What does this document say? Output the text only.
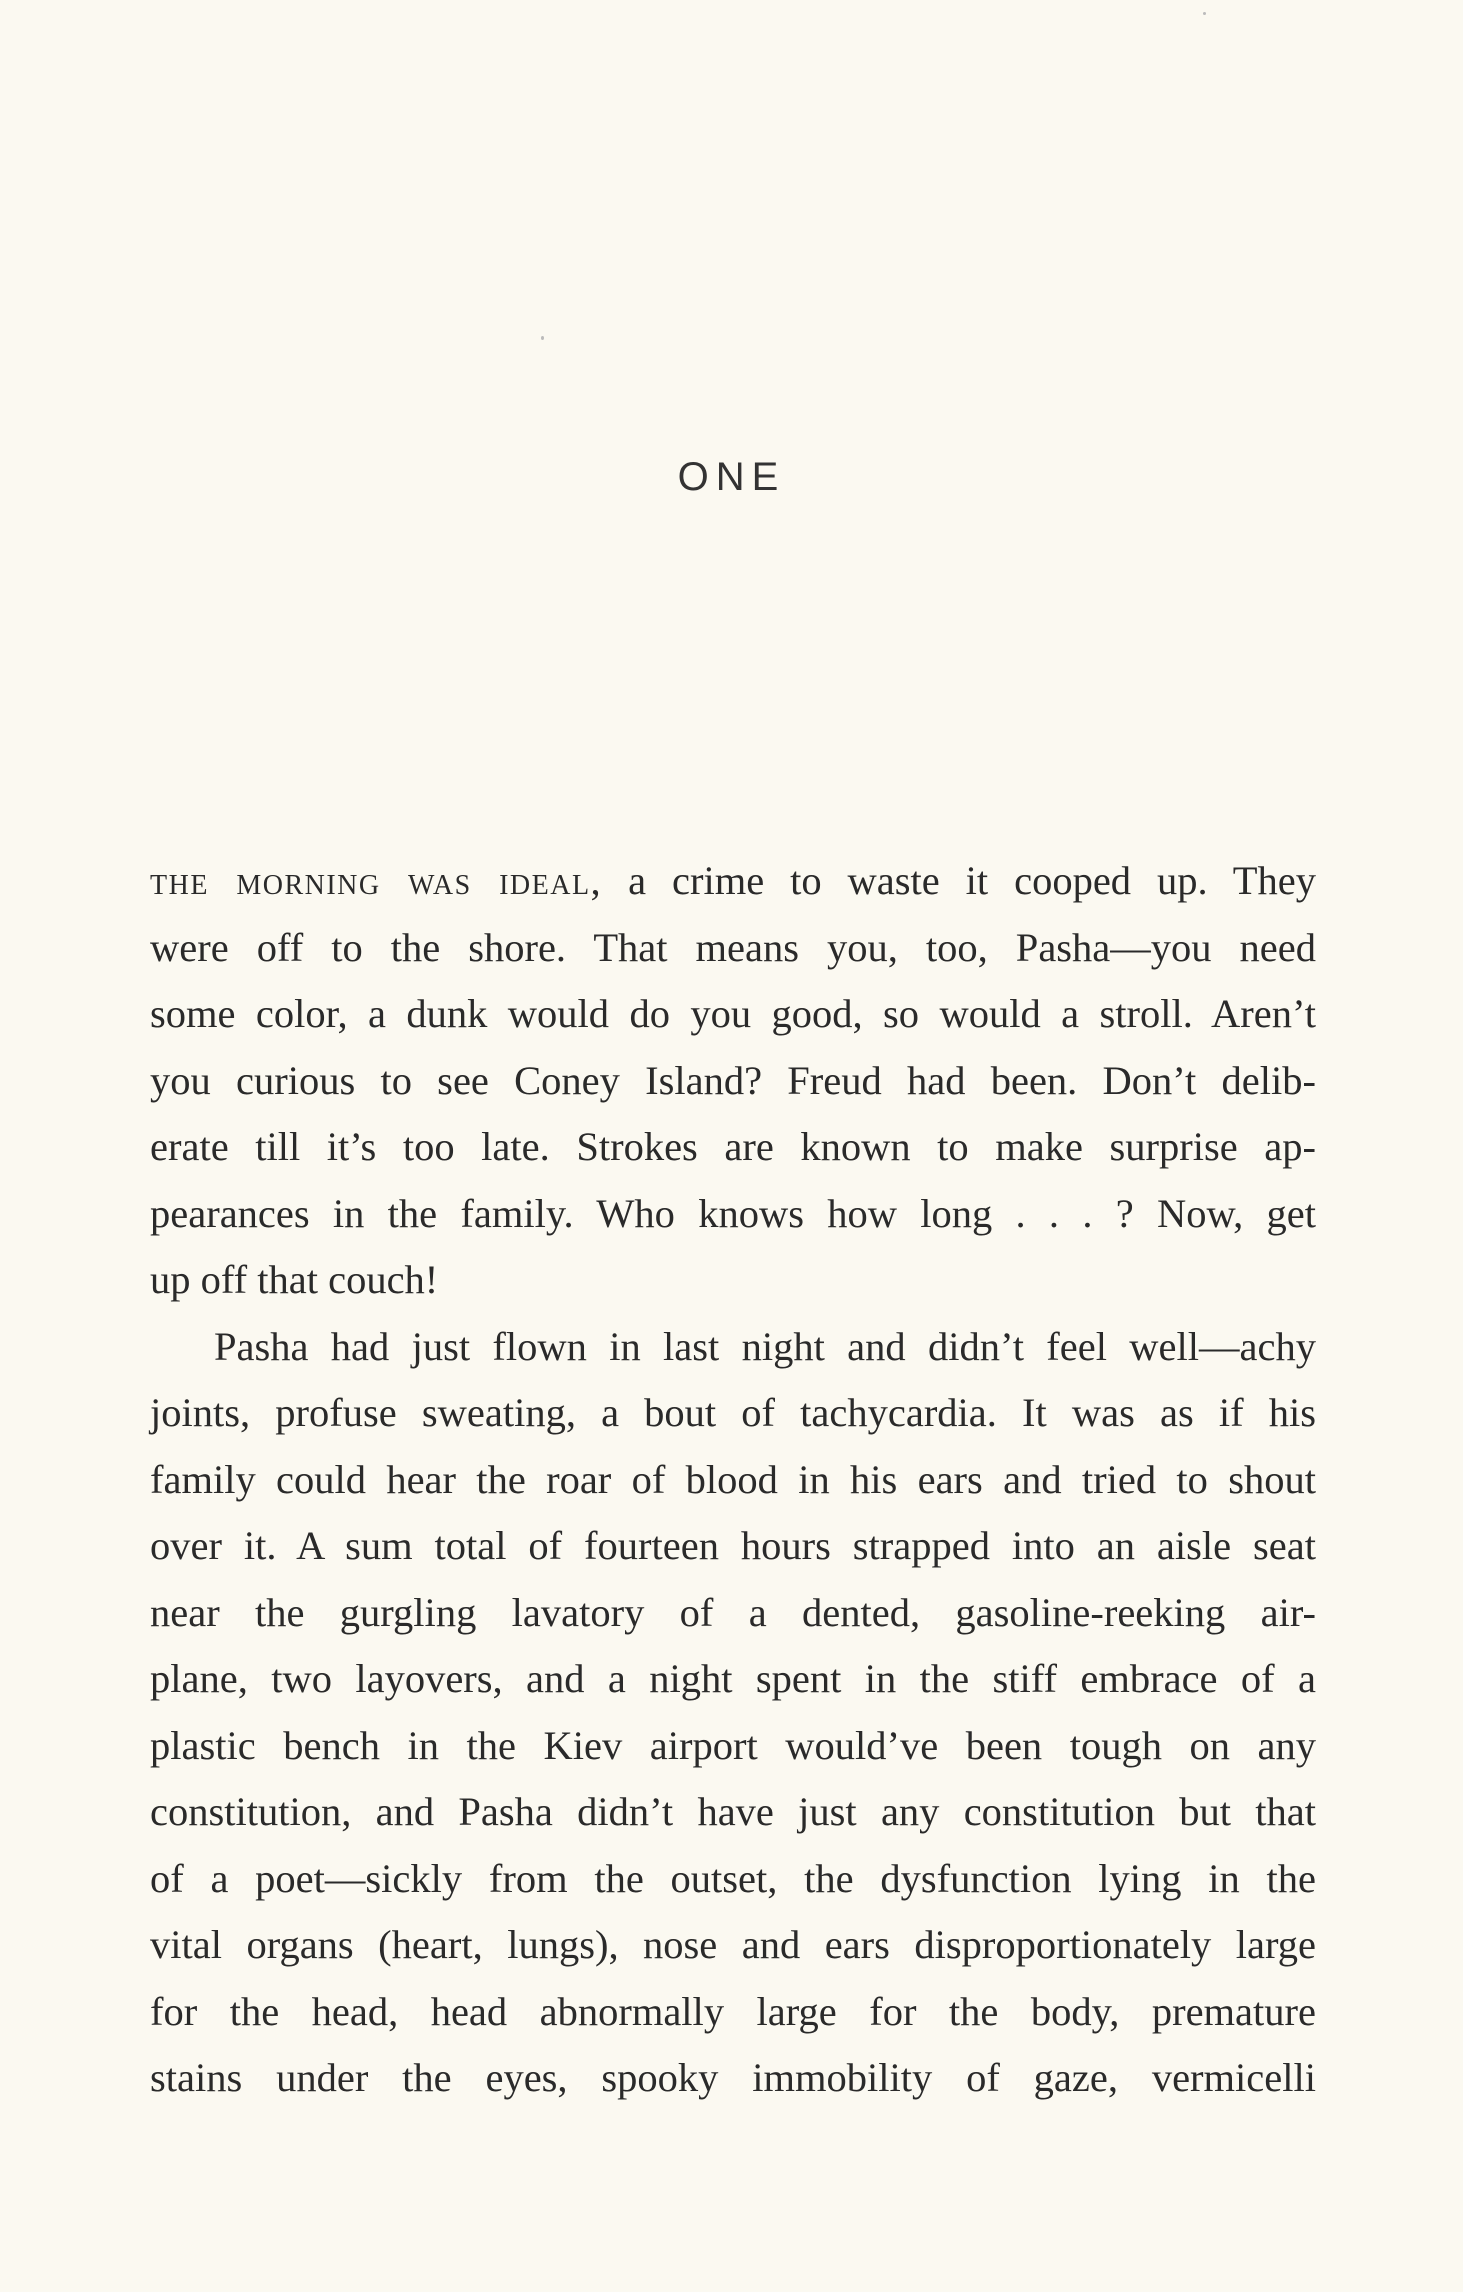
ONE

the morning was ideal, a crime to waste it cooped up. They
were off to the shore. That means you, too, Pasha—you need
some color, a dunk would do you good, so would a stroll. Aren’t
you curious to see Coney Island? Freud had been. Don’t delib-
erate till it’s too late. Strokes are known to make surprise ap-
pearances in the family. Who knows how long . . . ? Now, get
up off that couch!

Pasha had just flown in last night and didn’t feel well—achy
joints, profuse sweating, a bout of tachycardia. It was as if his
family could hear the roar of blood in his ears and tried to shout
over it. A sum total of fourteen hours strapped into an aisle seat
near the gurgling lavatory of a dented, gasoline-reeking air-
plane, two layovers, and a night spent in the stiff embrace of a
plastic bench in the Kiev airport would’ve been tough on any
constitution, and Pasha didn’t have just any constitution but that
of a poet—sickly from the outset, the dysfunction lying in the
vital organs (heart, lungs), nose and ears disproportionately large
for the head, head abnormally large for the body, premature
stains under the eyes, spooky immobility of gaze, vermicelli
